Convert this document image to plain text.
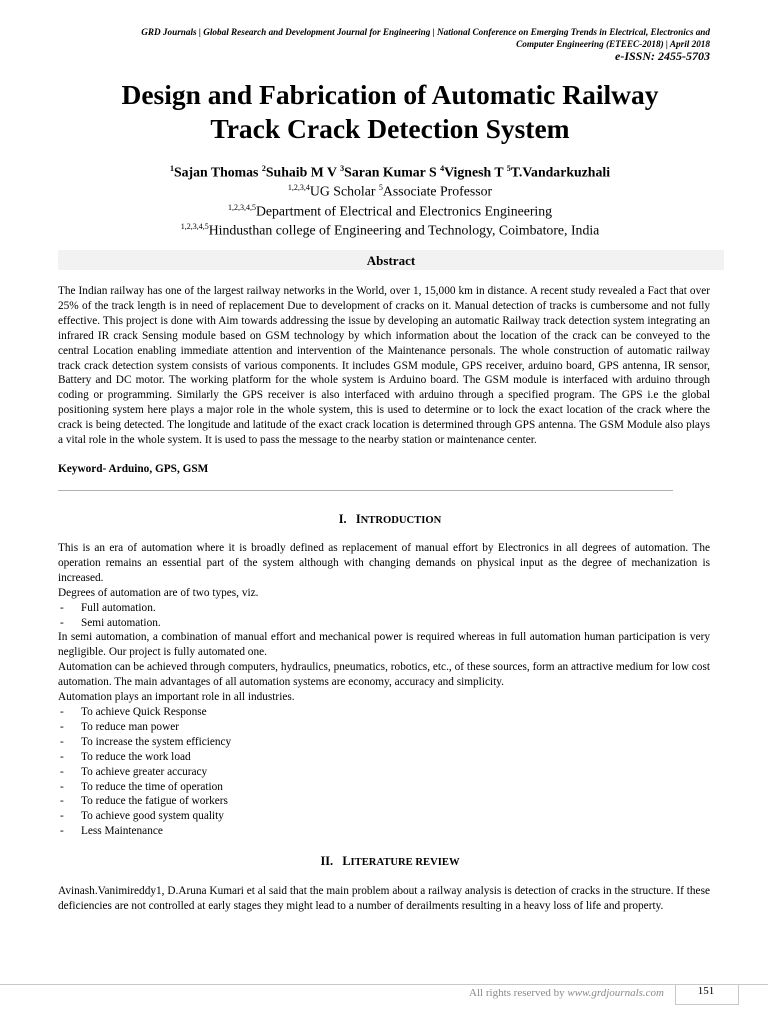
GRD Journals | Global Research and Development Journal for Engineering | National Conference on Emerging Trends in Electrical, Electronics and
Computer Engineering (ETEEC-2018) | April 2018
e-ISSN: 2455-5703
Design and Fabrication of Automatic Railway
Track Crack Detection System
$^1$Sajan Thomas $^2$Suhaib M V $^3$Saran Kumar S $^4$Vignesh T $^5$T.Vandarkuzhali
$^{1,2,3,4}$UG Scholar $^5$Associate Professor
$^{1,2,3,4,5}$Department of Electrical and Electronics Engineering
$^{1,2,3,4,5}$Hindusthan college of Engineering and Technology, Coimbatore, India
Abstract
The Indian railway has one of the largest railway networks in the World, over 1, 15,000 km in distance. A recent study revealed a Fact that over 25% of the track length is in need of replacement Due to development of cracks on it. Manual detection of tracks is cumbersome and not fully effective. This project is done with Aim towards addressing the issue by developing an automatic Railway track detection system integrating an infrared IR crack Sensing module based on GSM technology by which information about the location of the crack can be conveyed to the central Location enabling immediate attention and intervention of the Maintenance personals. The whole construction of automatic railway track crack detection system consists of various components. It includes GSM module, GPS receiver, arduino board, GPS antenna, IR sensor, Battery and DC motor. The working platform for the whole system is Arduino board. The GSM module is interfaced with arduino through coding or programming. Similarly the GPS receiver is also interfaced with arduino through a specified program. The GPS i.e the global positioning system here plays a major role in the whole system, this is used to determine or to lock the exact location of the crack where the crack is being detected. The longitude and latitude of the exact crack location is determined through GPS antenna. The GSM Module also plays a vital role in the whole system. It is used to pass the message to the nearby station or maintenance center.
Keyword- Arduino, GPS, GSM
I. INTRODUCTION

This is an era of automation where it is broadly defined as replacement of manual effort by Electronics in all degrees of automation. The operation remains an essential part of the system although with changing demands on physical input as the degree of mechanization is increased.

Degrees of automation are of two types, viz.

- Full automation.
- Semi automation.

In semi automation, a combination of manual effort and mechanical power is required whereas in full automation human participation is very negligible. Our project is fully automated one.

Automation can be achieved through computers, hydraulics, pneumatics, robotics, etc., of these sources, form an attractive medium for low cost automation. The main advantages of all automation systems are economy, accuracy and simplicity.

Automation plays an important role in all industries.

- To achieve Quick Response
- To reduce man power
- To increase the system efficiency
- To reduce the work load
- To achieve greater accuracy
- To reduce the time of operation
- To reduce the fatigue of workers
- To achieve good system quality
- Less Maintenance
II. LITERATURE REVIEW

Avinash.Vanimireddy1, D.Aruna Kumari et al said that the main problem about a railway analysis is detection of cracks in the structure. If these deficiencies are not controlled at early stages they might lead to a number of derailments resulting in a heavy loss of life and property.

All rights reserved by www.grdjournals.com	151
